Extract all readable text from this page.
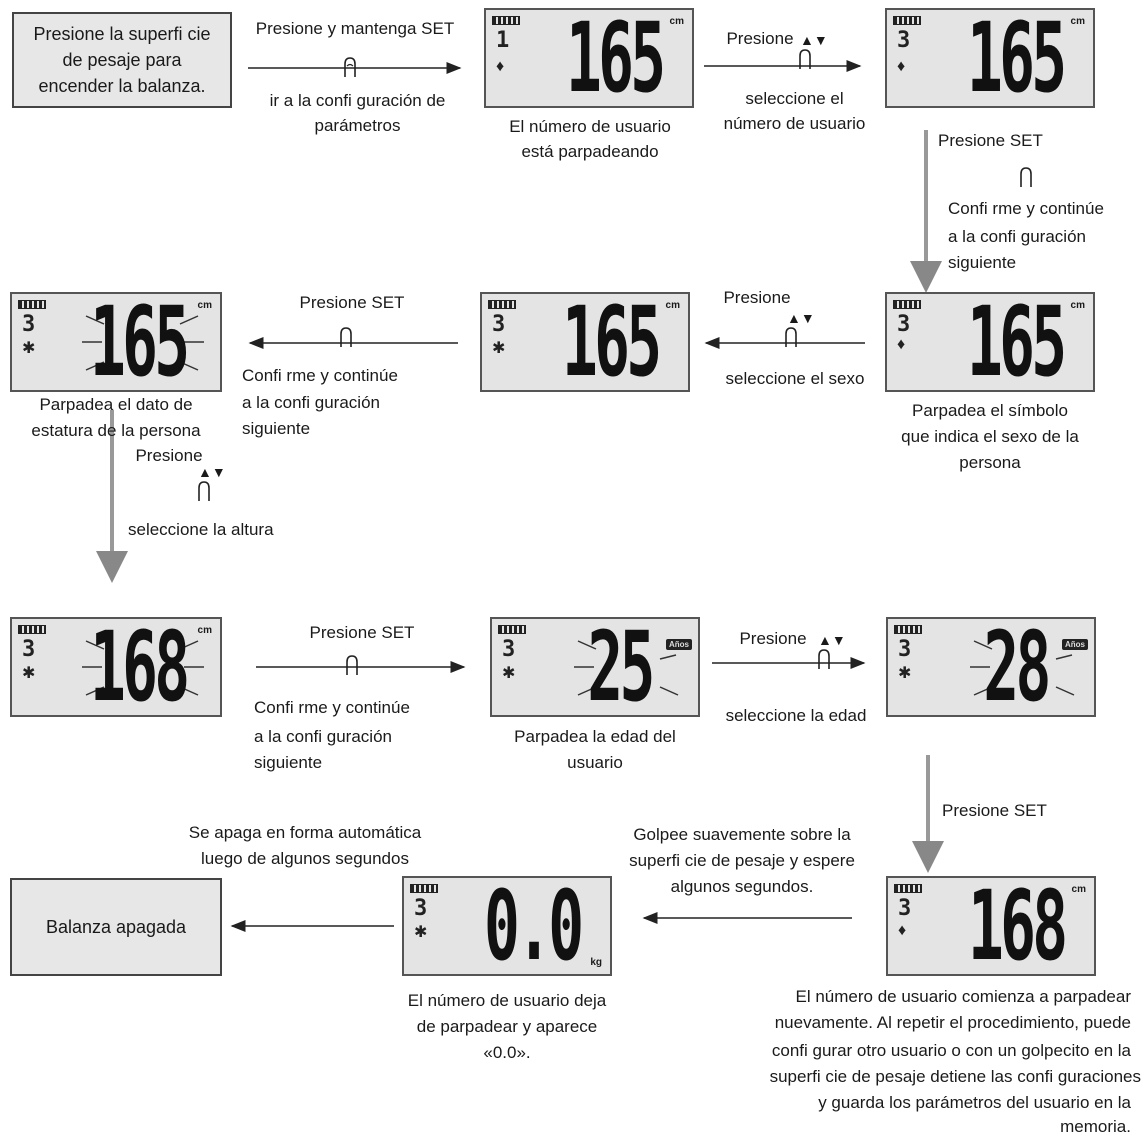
Presione la superfi cie
de pesaje para
encender la balanza.
Presione y mantenga SET
ir a la confi guración de
parámetros
1
♦ 165 cm
El número de usuario
está parpadeando
Presione ▲▼
seleccione el
número de usuario
3
♦ 165 cm
Presione SET
Confi rme y continúe
a la confi guración
siguiente
3
♦ 165 cm
Parpadea el símbolo
que indica el sexo de la
persona
Presione
▲▼
seleccione el sexo
3
✱ 165 cm
Presione SET
Confi rme y continúe
a la confi guración
siguiente
3
✱ 165 cm
Parpadea el dato de
estatura de la persona
Presione
▲▼
seleccione la altura
3
✱ 168 cm	Presione SET
Confi rme y continúe
a la confi guración
siguiente
3
✱ 25	Años
Parpadea la edad del
usuario
Presione ▲▼
seleccione la edad
3
✱ 28	Años
Presione SET
3
♦ 168 cm
El número de usuario comienza a parpadear
nuevamente. Al repetir el procedimiento, puede
confi gurar otro usuario o con un golpecito en la
superfi cie de pesaje detiene las confi guraciones
y guarda los parámetros del usuario en la
memoria.
Golpee suavemente sobre la
superfi cie de pesaje y espere
algunos segundos.
3
✱ 0.0 kg
El número de usuario deja
de parpadear y aparece
«0.0».
Se apaga en forma automática
luego de algunos segundos
Balanza apagada
